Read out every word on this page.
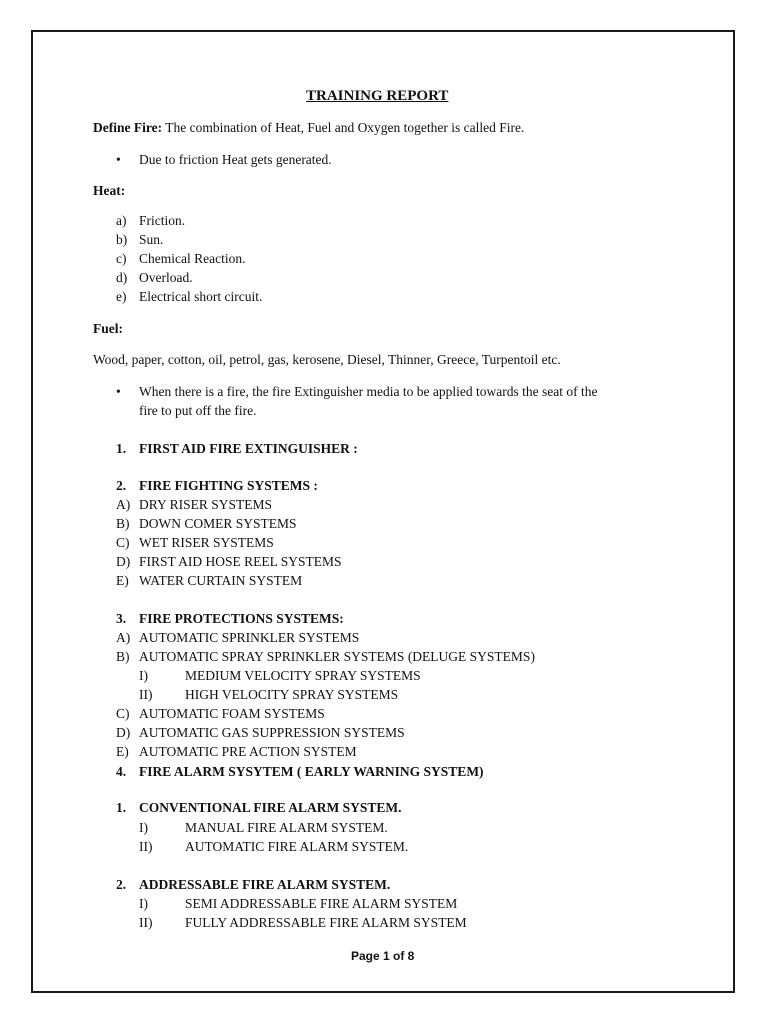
TRAINING REPORT
Define Fire: The combination of Heat, Fuel and Oxygen together is called Fire.
• Due to friction Heat gets generated.
Heat:
a) Friction.
b) Sun.
c) Chemical Reaction.
d) Overload.
e) Electrical short circuit.
Fuel:
Wood, paper, cotton, oil, petrol, gas, kerosene, Diesel, Thinner, Greece, Turpentoil etc.
• When there is a fire, the fire Extinguisher media to be applied towards the seat of the
fire to put off the fire.
1. FIRST AID FIRE EXTINGUISHER :
2. FIRE FIGHTING SYSTEMS :
A) DRY RISER SYSTEMS
B) DOWN COMER SYSTEMS
C) WET RISER SYSTEMS
D) FIRST AID HOSE REEL SYSTEMS
E) WATER CURTAIN SYSTEM
3. FIRE PROTECTIONS SYSTEMS:
A) AUTOMATIC SPRINKLER SYSTEMS
B) AUTOMATIC SPRAY SPRINKLER SYSTEMS (DELUGE SYSTEMS)
I)	MEDIUM VELOCITY SPRAY SYSTEMS
II) HIGH VELOCITY SPRAY SYSTEMS
C) AUTOMATIC FOAM SYSTEMS
D) AUTOMATIC GAS SUPPRESSION SYSTEMS
E) AUTOMATIC PRE ACTION SYSTEM
4. FIRE ALARM SYSYTEM ( EARLY WARNING SYSTEM)
1. CONVENTIONAL FIRE ALARM SYSTEM.
I)	MANUAL FIRE ALARM SYSTEM.
II) AUTOMATIC FIRE ALARM SYSTEM.
2. ADDRESSABLE FIRE ALARM SYSTEM.
I)	SEMI ADDRESSABLE FIRE ALARM SYSTEM
II) FULLY ADDRESSABLE FIRE ALARM SYSTEM
Page 1 of 8
